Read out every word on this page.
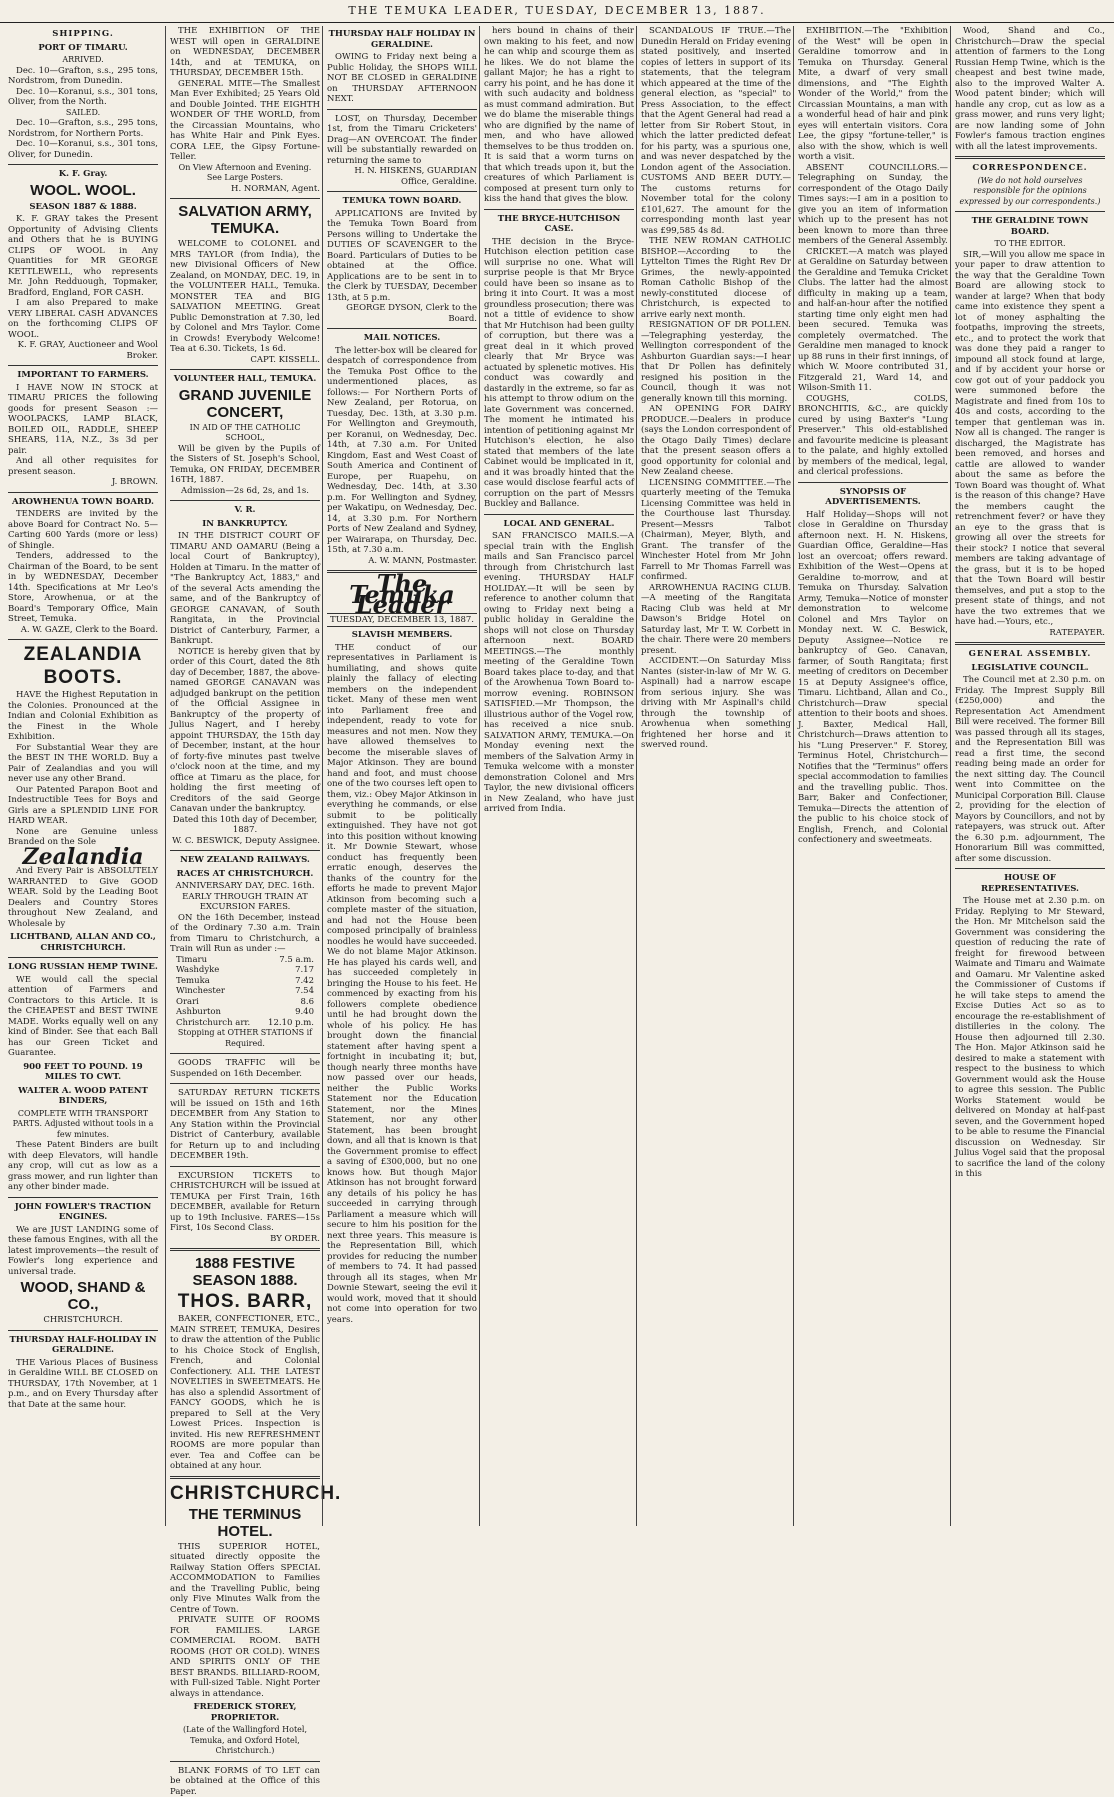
THE TEMUKA LEADER, TUESDAY, DECEMBER 13, 1887.
SHIPPING.
PORT OF TIMARU.
ARRIVED.

Dec. 10—Grafton, s.s., 295 tons, Nordstrom, from Dunedin.

Dec. 10—Koranui, s.s., 301 tons, Oliver, from the North.

SAILED.

Dec. 10—Grafton, s.s., 295 tons, Nordstrom, for Northern Ports.

Dec. 10—Koranui, s.s., 301 tons, Oliver, for Dunedin.

K. F. Gray.
WOOL. WOOL.
SEASON 1887 & 1888.

K. F. GRAY takes the Present Opportunity of Advising Clients and Others that he is BUYING CLIPS OF WOOL in Any Quantities for MR GEORGE KETTLEWELL, who represents Mr. John Redduough, Topmaker, Bradford, England, FOR CASH.

I am also Prepared to make VERY LIBERAL CASH ADVANCES on the forthcoming CLIPS OF WOOL.

K. F. GRAY, Auctioneer and Wool Broker.
IMPORTANT TO FARMERS.

I HAVE NOW IN STOCK at TIMARU PRICES the following goods for present Season :— WOOLPACKS, LAMP BLACK, BOILED OIL, RADDLE, SHEEP SHEARS, 11A, N.Z., 3s 3d per pair.

And all other requisites for present season.

J. BROWN.
AROWHENUA TOWN BOARD.

TENDERS are invited by the above Board for Contract No. 5—Carting 600 Yards (more or less) of Shingle.

Tenders, addressed to the Chairman of the Board, to be sent in by WEDNESDAY, December 14th. Specifications at Mr Leo's Store, Arowhenua, or at the Board's Temporary Office, Main Street, Temuka.

A. W. GAZE, Clerk to the Board.
ZEALANDIA
BOOTS.

HAVE the Highest Reputation in the Colonies. Pronounced at the Indian and Colonial Exhibition as the Finest in the Whole Exhibition.

For Substantial Wear they are the BEST IN THE WORLD. Buy a Pair of Zealandias and you will never use any other Brand.

Our Patented Parapon Boot and Indestructible Tees for Boys and Girls are a SPLENDID LINE FOR HARD WEAR.

None are Genuine unless Branded on the Sole

Zealandia

And Every Pair is ABSOLUTELY WARRANTED to Give GOOD WEAR. Sold by the Leading Boot Dealers and Country Stores throughout New Zealand, and Wholesale by

LICHTBAND, ALLAN AND CO., CHRISTCHURCH.
LONG RUSSIAN HEMP TWINE.

WE would call the special attention of Farmers and Contractors to this Article. It is the CHEAPEST and BEST TWINE MADE. Works equally well on any kind of Binder. See that each Ball has our Green Ticket and Guarantee.

900 FEET TO POUND. 19 MILES TO CWT.
WALTER A. WOOD PATENT BINDERS,
COMPLETE WITH TRANSPORT PARTS. Adjusted without tools in a few minutes.

These Patent Binders are built with deep Elevators, will handle any crop, will cut as low as a grass mower, and run lighter than any other binder made.

JOHN FOWLER'S TRACTION ENGINES.

We are JUST LANDING some of these famous Engines, with all the latest improvements—the result of Fowler's long experience and universal trade.

WOOD, SHAND & CO.,
CHRISTCHURCH.
THURSDAY HALF-HOLIDAY IN GERALDINE.

THE Various Places of Business in Geraldine WILL BE CLOSED on THURSDAY, 17th November, at 1 p.m., and on Every Thursday after that Date at the same hour.

THE EXHIBITION OF THE WEST will open in GERALDINE on WEDNESDAY, DECEMBER 14th, and at TEMUKA, on THURSDAY, DECEMBER 15th.

GENERAL MITE—The Smallest Man Ever Exhibited; 25 Years Old and Double Jointed. THE EIGHTH WONDER OF THE WORLD, from the Circassian Mountains, who has White Hair and Pink Eyes. CORA LEE, the Gipsy Fortune-Teller.

On View Afternoon and Evening. See Large Posters.
H. NORMAN, Agent.
SALVATION ARMY, TEMUKA.

WELCOME to COLONEL and MRS TAYLOR (from India), the new Divisional Officers of New Zealand, on MONDAY, DEC. 19, in the VOLUNTEER HALL, Temuka. MONSTER TEA and BIG SALVATION MEETING. Great Public Demonstration at 7.30, led by Colonel and Mrs Taylor. Come in Crowds! Everybody Welcome! Tea at 6.30. Tickets, 1s 6d.

CAPT. KISSELL.
VOLUNTEER HALL, TEMUKA.
GRAND JUVENILE CONCERT,
IN AID OF THE CATHOLIC SCHOOL,

Will be given by the Pupils of the Sisters of St. Joseph's School, Temuka, ON FRIDAY, DECEMBER 16TH, 1887.

Admission—2s 6d, 2s, and 1s.
V. R.
IN BANKRUPTCY.

IN THE DISTRICT COURT OF TIMARU AND OAMARU (Being a local Court of Bankruptcy), Holden at Timaru. In the matter of "The Bankruptcy Act, 1883," and of the several Acts amending the same, and of the Bankruptcy of GEORGE CANAVAN, of South Rangitata, in the Provincial District of Canterbury, Farmer, a Bankrupt.

NOTICE is hereby given that by order of this Court, dated the 8th day of December, 1887, the above-named GEORGE CANAVAN was adjudged bankrupt on the petition of the Official Assignee in Bankruptcy of the property of Julius Nagert, and I hereby appoint THURSDAY, the 15th day of December, instant, at the hour of forty-five minutes past twelve o'clock noon at the time, and my office at Timaru as the place, for holding the first meeting of Creditors of the said George Canavan under the bankruptcy.

Dated this 10th day of December, 1887.
W. C. BESWICK, Deputy Assignee.
NEW ZEALAND RAILWAYS.
RACES AT CHRISTCHURCH.
ANNIVERSARY DAY, DEC. 16th.
EARLY THROUGH TRAIN AT EXCURSION FARES.

ON the 16th December, instead of the Ordinary 7.30 a.m. Train from Timaru to Christchurch, a Train will Run as under :—

Timaru	7.5 a.m.
Washdyke	7.17
Temuka	7.42
Winchester	7.54
Orari	8.6
Ashburton	9.40
Christchurch arr. 12.10 p.m.
Stopping at OTHER STATIONS if Required.

GOODS TRAFFIC will be Suspended on 16th December.

SATURDAY RETURN TICKETS will be issued on 15th and 16th DECEMBER from Any Station to Any Station within the Provincial District of Canterbury, available for Return up to and including DECEMBER 19th.

EXCURSION TICKETS to CHRISTCHURCH will be issued at TEMUKA per First Train, 16th DECEMBER, available for Return up to 19th Inclusive. FARES—15s First, 10s Second Class.

BY ORDER.
1888 FESTIVE SEASON 1888.
THOS. BARR,

BAKER, CONFECTIONER, ETC., MAIN STREET, TEMUKA, Desires to draw the attention of the Public to his Choice Stock of English, French, and Colonial Confectionery. ALL THE LATEST NOVELTIES in SWEETMEATS. He has also a splendid Assortment of FANCY GOODS, which he is prepared to Sell at the Very Lowest Prices. Inspection is invited. His new REFRESHMENT ROOMS are more popular than ever. Tea and Coffee can be obtained at any hour.

CHRISTCHURCH.
THE TERMINUS HOTEL.

THIS SUPERIOR HOTEL, situated directly opposite the Railway Station Offers SPECIAL ACCOMMODATION to Families and the Travelling Public, being only Five Minutes Walk from the Centre of Town.

PRIVATE SUITE OF ROOMS FOR FAMILIES. LARGE COMMERCIAL ROOM. BATH ROOMS (HOT OR COLD). WINES AND SPIRITS ONLY OF THE BEST BRANDS. BILLIARD-ROOM, with Full-sized Table. Night Porter always in attendance.

FREDERICK STOREY, PROPRIETOR.
(Late of the Wallingford Hotel, Temuka, and Oxford Hotel, Christchurch.)

BLANK FORMS of TO LET can be obtained at the Office of this Paper.

THURSDAY HALF HOLIDAY IN GERALDINE.

OWING to Friday next being a Public Holiday, the SHOPS WILL NOT BE CLOSED in GERALDINE on THURSDAY AFTERNOON NEXT.

LOST, on Thursday, December 1st, from the Timaru Cricketers' Drag—AN OVERCOAT. The finder will be substantially rewarded on returning the same to

H. N. HISKENS, GUARDIAN Office, Geraldine.
TEMUKA TOWN BOARD.

APPLICATIONS are Invited by the Temuka Town Board from Persons willing to Undertake the DUTIES OF SCAVENGER to the Board. Particulars of Duties to be obtained at the Office. Applications are to be sent in to the Clerk by TUESDAY, December 13th, at 5 p.m.

GEORGE DYSON, Clerk to the Board.
MAIL NOTICES.

The letter-box will be cleared for despatch of correspondence from the Temuka Post Office to the undermentioned places, as follows:— For Northern Ports of New Zealand, per Rotorua, on Tuesday, Dec. 13th, at 3.30 p.m. For Wellington and Greymouth, per Koranui, on Wednesday, Dec. 14th, at 7.30 a.m. For United Kingdom, East and West Coast of South America and Continent of Europe, per Ruapehu, on Wednesday, Dec. 14th, at 3.30 p.m. For Wellington and Sydney, per Wakatipu, on Wednesday, Dec. 14, at 3.30 p.m. For Northern Ports of New Zealand and Sydney, per Wairarapa, on Thursday, Dec. 15th, at 7.30 a.m.

A. W. MANN, Postmaster.
The Temuka Leader
TUESDAY, DECEMBER 13, 1887.
SLAVISH MEMBERS.

THE conduct of our representatives in Parliament is humiliating, and shows quite plainly the fallacy of electing members on the independent ticket. Many of these men went into Parliament free and independent, ready to vote for measures and not men. Now they have allowed themselves to become the miserable slaves of Major Atkinson. They are bound hand and foot, and must choose one of the two courses left open to them, viz.: Obey Major Atkinson in everything he commands, or else submit to be politically extinguished. They have not got into this position without knowing it. Mr Downie Stewart, whose conduct has frequently been erratic enough, deserves the thanks of the country for the efforts he made to prevent Major Atkinson from becoming such a complete master of the situation, and had not the House been composed principally of brainless noodles he would have succeeded. We do not blame Major Atkinson. He has played his cards well, and has succeeded completely in bringing the House to his feet. He commenced by exacting from his followers complete obedience until he had brought down the whole of his policy. He has brought down the financial statement after having spent a fortnight in incubating it; but, though nearly three months have now passed over our heads, neither the Public Works Statement nor the Education Statement, nor the Mines Statement, nor any other Statement, has been brought down, and all that is known is that the Government promise to effect a saving of £300,000, but no one knows how. But though Major Atkinson has not brought forward any details of his policy he has succeeded in carrying through Parliament a measure which will secure to him his position for the next three years. This measure is the Representation Bill, which provides for reducing the number of members to 74. It had passed through all its stages, when Mr Downie Stewart, seeing the evil it would work, moved that it should not come into operation for two years.

hers bound in chains of their own making to his feet, and now he can whip and scourge them as he likes. We do not blame the gallant Major; he has a right to carry his point, and he has done it with such audacity and boldness as must command admiration. But we do blame the miserable things who are dignified by the name of men, and who have allowed themselves to be thus trodden on. It is said that a worm turns on that which treads upon it, but the creatures of which Parliament is composed at present turn only to kiss the hand that gives the blow.

THE BRYCE-HUTCHISON CASE.

THE decision in the Bryce-Hutchison election petition case will surprise no one. What will surprise people is that Mr Bryce could have been so insane as to bring it into Court. It was a most groundless prosecution; there was not a tittle of evidence to show that Mr Hutchison had been guilty of corruption, but there was a great deal in it which proved clearly that Mr Bryce was actuated by splenetic motives. His conduct was cowardly and dastardly in the extreme, so far as his attempt to throw odium on the late Government was concerned. The moment he intimated his intention of petitioning against Mr Hutchison's election, he also stated that members of the late Cabinet would be implicated in it, and it was broadly hinted that the case would disclose fearful acts of corruption on the part of Messrs Buckley and Ballance.

LOCAL AND GENERAL.

SAN FRANCISCO MAILS.—A special train with the English mails and San Francisco parcel through from Christchurch last evening. THURSDAY HALF HOLIDAY.—It will be seen by reference to another column that owing to Friday next being a public holiday in Geraldine the shops will not close on Thursday afternoon next. BOARD MEETINGS.—The monthly meeting of the Geraldine Town Board takes place to-day, and that of the Arowhenua Town Board to-morrow evening. ROBINSON SATISFIED.—Mr Thompson, the illustrious author of the Vogel row, has received a nice snub. SALVATION ARMY, TEMUKA.—On Monday evening next the members of the Salvation Army in Temuka welcome with a monster demonstration Colonel and Mrs Taylor, the new divisional officers in New Zealand, who have just arrived from India.

SCANDALOUS IF TRUE.—The Dunedin Herald on Friday evening stated positively, and inserted copies of letters in support of its statements, that the telegram which appeared at the time of the general election, as "special" to Press Association, to the effect that the Agent General had read a letter from Sir Robert Stout, in which the latter predicted defeat for his party, was a spurious one, and was never despatched by the London agent of the Association. CUSTOMS AND BEER DUTY.—The customs returns for November total for the colony £101,627. The amount for the corresponding month last year was £99,585 4s 8d.

THE NEW ROMAN CATHOLIC BISHOP.—According to the Lyttelton Times the Right Rev Dr Grimes, the newly-appointed Roman Catholic Bishop of the newly-constituted diocese of Christchurch, is expected to arrive early next month.

RESIGNATION OF DR POLLEN.—Telegraphing yesterday, the Wellington correspondent of the Ashburton Guardian says:—I hear that Dr Pollen has definitely resigned his position in the Council, though it was not generally known till this morning.

AN OPENING FOR DAIRY PRODUCE.—Dealers in produce (says the London correspondent of the Otago Daily Times) declare that the present season offers a good opportunity for colonial and New Zealand cheese.

LICENSING COMMITTEE.—The quarterly meeting of the Temuka Licensing Committee was held in the Courthouse last Thursday. Present—Messrs Talbot (Chairman), Meyer, Blyth, and Grant. The transfer of the Winchester Hotel from Mr John Farrell to Mr Thomas Farrell was confirmed.

ARROWHENUA RACING CLUB.—A meeting of the Rangitata Racing Club was held at Mr Dawson's Bridge Hotel on Saturday last, Mr T. W. Corbett in the chair. There were 20 members present.

ACCIDENT.—On Saturday Miss Nantes (sister-in-law of Mr W. G. Aspinall) had a narrow escape from serious injury. She was driving with Mr Aspinall's child through the township of Arowhenua when something frightened her horse and it swerved round.

EXHIBITION.—The "Exhibition of the West" will be open in Geraldine tomorrow and in Temuka on Thursday. General Mite, a dwarf of very small dimensions, and "The Eighth Wonder of the World," from the Circassian Mountains, a man with a wonderful head of hair and pink eyes will entertain visitors. Cora Lee, the gipsy "fortune-teller," is also with the show, which is well worth a visit.

ABSENT COUNCILLORS.—Telegraphing on Sunday, the correspondent of the Otago Daily Times says:—I am in a position to give you an item of information which up to the present has not been known to more than three members of the General Assembly.

CRICKET.—A match was played at Geraldine on Saturday between the Geraldine and Temuka Cricket Clubs. The latter had the almost difficulty in making up a team, and half-an-hour after the notified starting time only eight men had been secured. Temuka was completely overmatched. The Geraldine men managed to knock up 88 runs in their first innings, of which W. Moore contributed 31, Fitzgerald 21, Ward 14, and Wilson-Smith 11.

COUGHS, COLDS, BRONCHITIS, &C., are quickly cured by using Baxter's "Lung Preserver." This old-established and favourite medicine is pleasant to the palate, and highly extolled by members of the medical, legal, and clerical professions.

SYNOPSIS OF ADVERTISEMENTS.

Half Holiday—Shops will not close in Geraldine on Thursday afternoon next. H. N. Hiskens, Guardian Office, Geraldine—Has lost an overcoat; offers reward. Exhibition of the West—Opens at Geraldine to-morrow, and at Temuka on Thursday. Salvation Army, Temuka—Notice of monster demonstration to welcome Colonel and Mrs Taylor on Monday next. W. C. Beswick, Deputy Assignee—Notice re bankruptcy of Geo. Canavan, farmer, of South Rangitata; first meeting of creditors on December 15 at Deputy Assignee's office, Timaru. Lichtband, Allan and Co., Christchurch—Draw special attention to their boots and shoes. J. Baxter, Medical Hall, Christchurch—Draws attention to his "Lung Preserver." F. Storey, Terminus Hotel, Christchurch—Notifies that the "Terminus" offers special accommodation to families and the travelling public. Thos. Barr, Baker and Confectioner, Temuka—Directs the attention of the public to his choice stock of English, French, and Colonial confectionery and sweetmeats.

Wood, Shand and Co., Christchurch—Draw the special attention of farmers to the Long Russian Hemp Twine, which is the cheapest and best twine made, also to the improved Walter A. Wood patent binder; which will handle any crop, cut as low as a grass mower, and runs very light; are now landing some of John Fowler's famous traction engines with all the latest improvements.

CORRESPONDENCE.
(We do not hold ourselves responsible for the opinions expressed by our correspondents.)
THE GERALDINE TOWN BOARD.
TO THE EDITOR.

SIR,—Will you allow me space in your paper to draw attention to the way that the Geraldine Town Board are allowing stock to wander at large? When that body came into existence they spent a lot of money asphalting the footpaths, improving the streets, etc., and to protect the work that was done they paid a ranger to impound all stock found at large, and if by accident your horse or cow got out of your paddock you were summoned before the Magistrate and fined from 10s to 40s and costs, according to the temper that gentleman was in. Now all is changed. The ranger is discharged, the Magistrate has been removed, and horses and cattle are allowed to wander about the same as before the Town Board was thought of. What is the reason of this change? Have the members caught the retrenchment fever? or have they an eye to the grass that is growing all over the streets for their stock? I notice that several members are taking advantage of the grass, but it is to be hoped that the Town Board will bestir themselves, and put a stop to the present state of things, and not have the two extremes that we have had.—Yours, etc.,

RATEPAYER.
GENERAL ASSEMBLY.
LEGISLATIVE COUNCIL.

The Council met at 2.30 p.m. on Friday. The Imprest Supply Bill (£250,000) and the Representation Act Amendment Bill were received. The former Bill was passed through all its stages, and the Representation Bill was read a first time, the second reading being made an order for the next sitting day. The Council went into Committee on the Municipal Corporation Bill. Clause 2, providing for the election of Mayors by Councillors, and not by ratepayers, was struck out. After the 6.30 p.m. adjournment, The Honorarium Bill was committed, after some discussion.

HOUSE OF REPRESENTATIVES.

The House met at 2.30 p.m. on Friday. Replying to Mr Steward, the Hon. Mr Mitchelson said the Government was considering the question of reducing the rate of freight for firewood between Waimate and Timaru and Waimate and Oamaru. Mr Valentine asked the Commissioner of Customs if he will take steps to amend the Excise Duties Act so as to encourage the re-establishment of distilleries in the colony. The House then adjourned till 2.30. The Hon. Major Atkinson said he desired to make a statement with respect to the business to which Government would ask the House to agree this session. The Public Works Statement would be delivered on Monday at half-past seven, and the Government hoped to be able to resume the Financial discussion on Wednesday. Sir Julius Vogel said that the proposal to sacrifice the land of the colony in this
